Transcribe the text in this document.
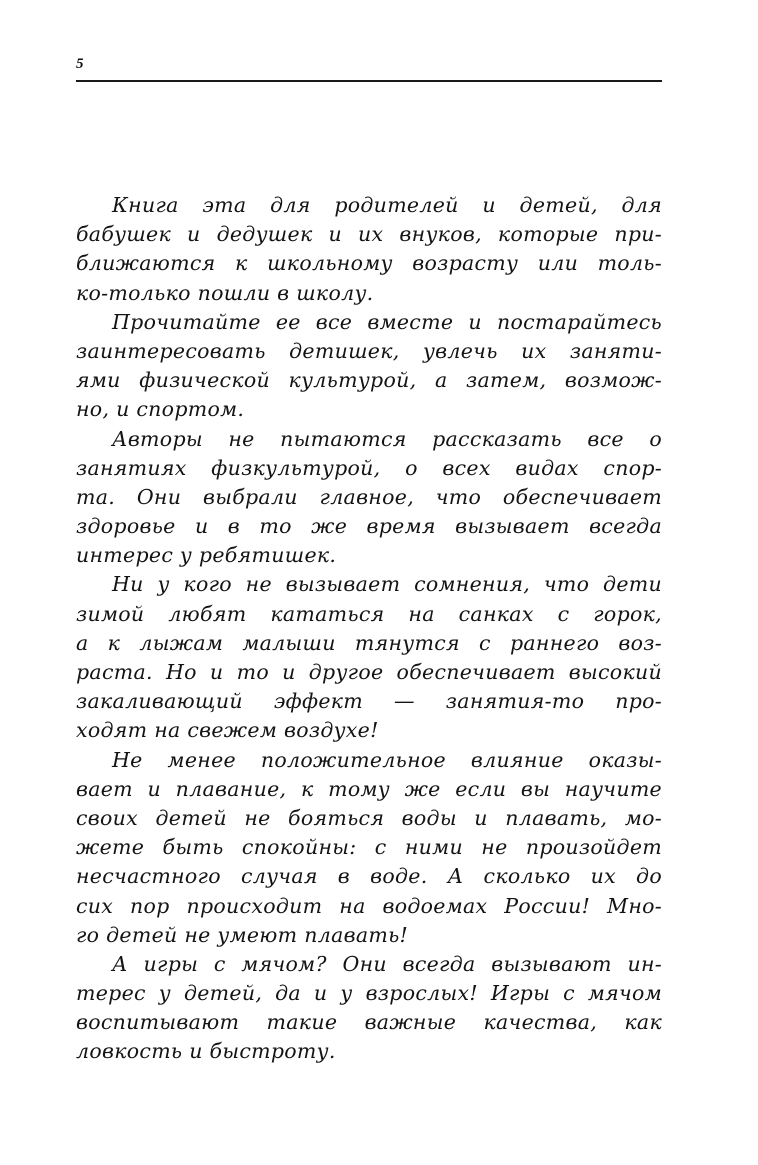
5
Книга эта для родителей и детей, для
бабушек и дедушек и их внуков, которые при-
ближаются к школьному возрасту или толь-
ко-только пошли в школу.
Прочитайте ее все вместе и постарайтесь
заинтересовать детишек, увлечь их заняти-
ями физической культурой, а затем, возмож-
но, и спортом.
Авторы не пытаются рассказать все о
занятиях физкультурой, о всех видах спор-
та. Они выбрали главное, что обеспечивает
здоровье и в то же время вызывает всегда
интерес у ребятишек.
Ни у кого не вызывает сомнения, что дети
зимой любят кататься на санках с горок,
а к лыжам малыши тянутся с раннего воз-
раста. Но и то и другое обеспечивает высокий
закаливающий эффект — занятия-то про-
ходят на свежем воздухе!
Не менее положительное влияние оказы-
вает и плавание, к тому же если вы научите
своих детей не бояться воды и плавать, мо-
жете быть спокойны: с ними не произойдет
несчастного случая в воде. А сколько их до
сих пор происходит на водоемах России! Мно-
го детей не умеют плавать!
А игры с мячом? Они всегда вызывают ин-
терес у детей, да и у взрослых! Игры с мячом
воспитывают такие важные качества, как
ловкость и быстроту.
